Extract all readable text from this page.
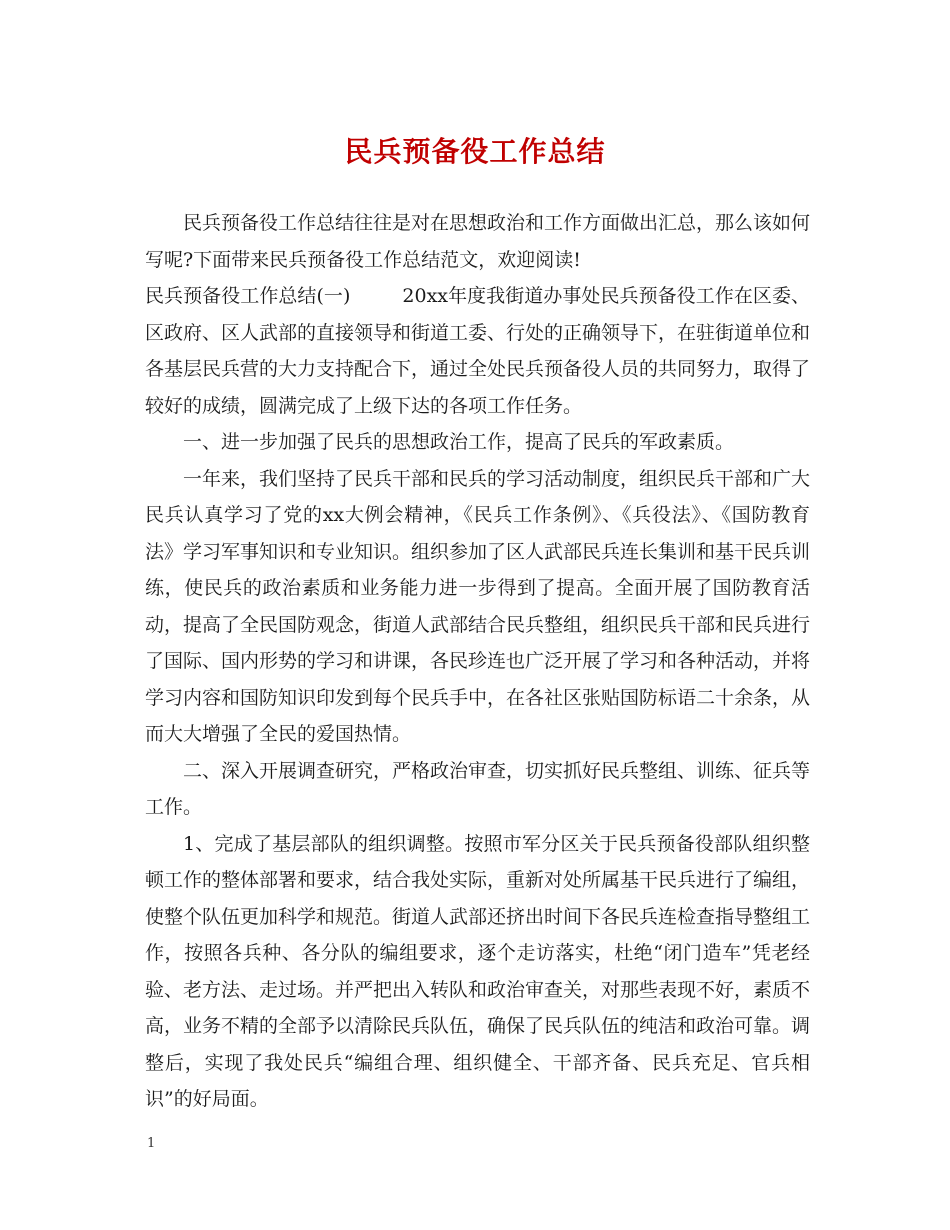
民兵预备役工作总结

民兵预备役工作总结往往是对在思想政治和工作方面做出汇总，那么该如何写呢?下面带来民兵预备役工作总结范文，欢迎阅读!

民兵预备役工作总结(一)	20xx年度我街道办事处民兵预备役工作在区委、区政府、区人武部的直接领导和街道工委、行处的正确领导下，在驻街道单位和各基层民兵营的大力支持配合下，通过全处民兵预备役人员的共同努力，取得了较好的成绩，圆满完成了上级下达的各项工作任务。

一、进一步加强了民兵的思想政治工作，提高了民兵的军政素质。

一年来，我们坚持了民兵干部和民兵的学习活动制度，组织民兵干部和广大民兵认真学习了党的xx大例会精神，《民兵工作条例》、《兵役法》、《国防教育法》学习军事知识和专业知识。组织参加了区人武部民兵连长集训和基干民兵训练，使民兵的政治素质和业务能力进一步得到了提高。全面开展了国防教育活动，提高了全民国防观念，街道人武部结合民兵整组，组织民兵干部和民兵进行了国际、国内形势的学习和讲课，各民珍连也广泛开展了学习和各种活动，并将学习内容和国防知识印发到每个民兵手中，在各社区张贴国防标语二十余条，从而大大增强了全民的爱国热情。

二、深入开展调查研究，严格政治审查，切实抓好民兵整组、训练、征兵等工作。

1、完成了基层部队的组织调整。按照市军分区关于民兵预备役部队组织整顿工作的整体部署和要求，结合我处实际，重新对处所属基干民兵进行了编组，使整个队伍更加科学和规范。街道人武部还挤出时间下各民兵连检查指导整组工作，按照各兵种、各分队的编组要求，逐个走访落实，杜绝“闭门造车”凭老经验、老方法、走过场。并严把出入转队和政治审查关，对那些表现不好，素质不高，业务不精的全部予以清除民兵队伍，确保了民兵队伍的纯洁和政治可靠。调整后，实现了我处民兵“编组合理、组织健全、干部齐备、民兵充足、官兵相识”的好局面。

1
